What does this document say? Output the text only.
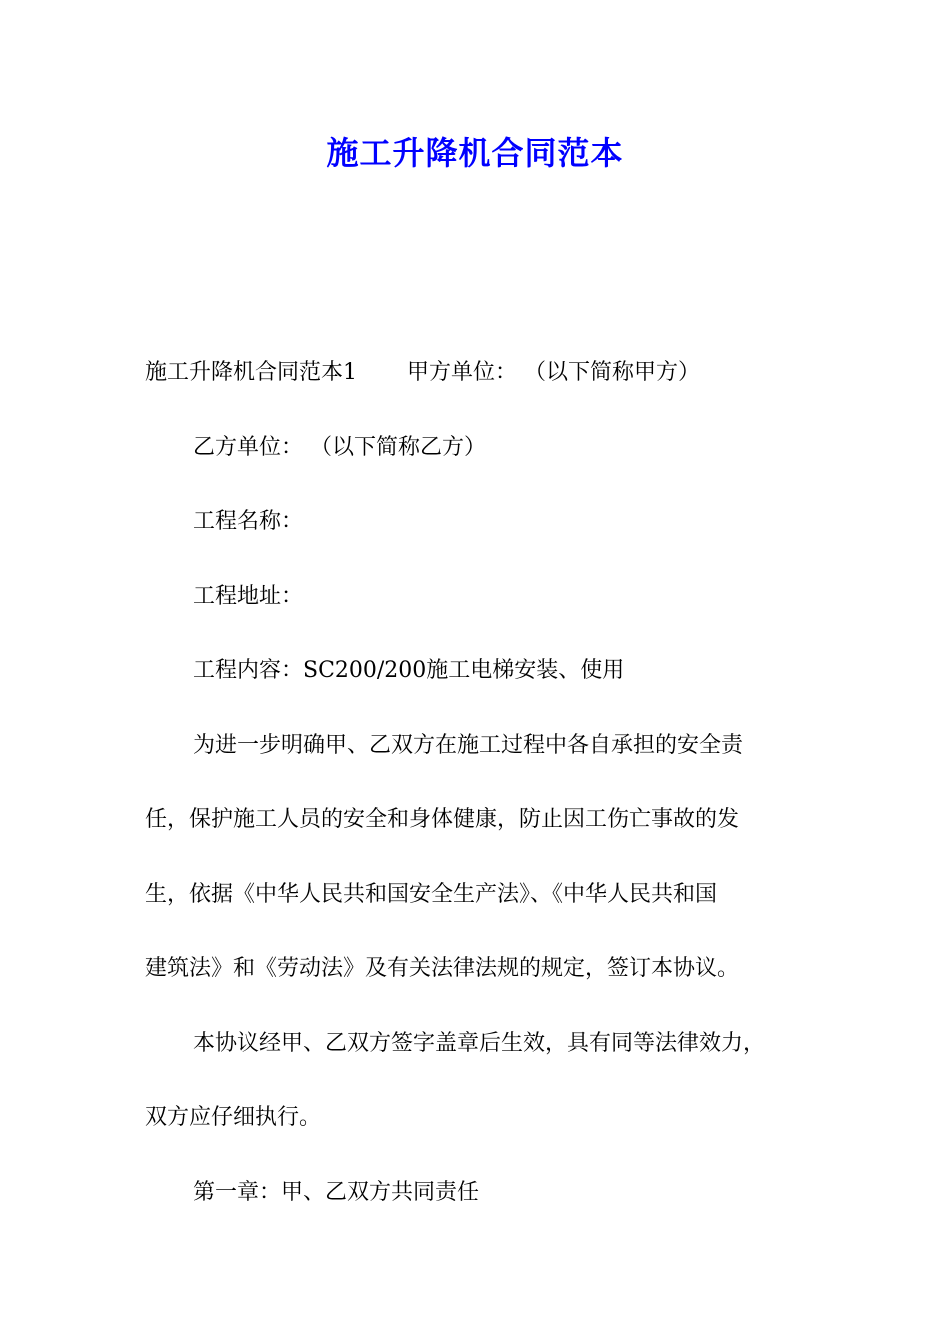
施工升降机合同范本
施工升降机合同范本1 甲方单位： （以下简称甲方）
乙方单位： （以下简称乙方）
工程名称：
工程地址：
工程内容：SC200/200施工电梯安装、使用
为进一步明确甲、乙双方在施工过程中各自承担的安全责
任，保护施工人员的安全和身体健康，防止因工伤亡事故的发
生，依据《中华人民共和国安全生产法》、《中华人民共和国
建筑法》和《劳动法》及有关法律法规的规定，签订本协议。
本协议经甲、乙双方签字盖章后生效，具有同等法律效力，
双方应仔细执行。
第一章：甲、乙双方共同责任
